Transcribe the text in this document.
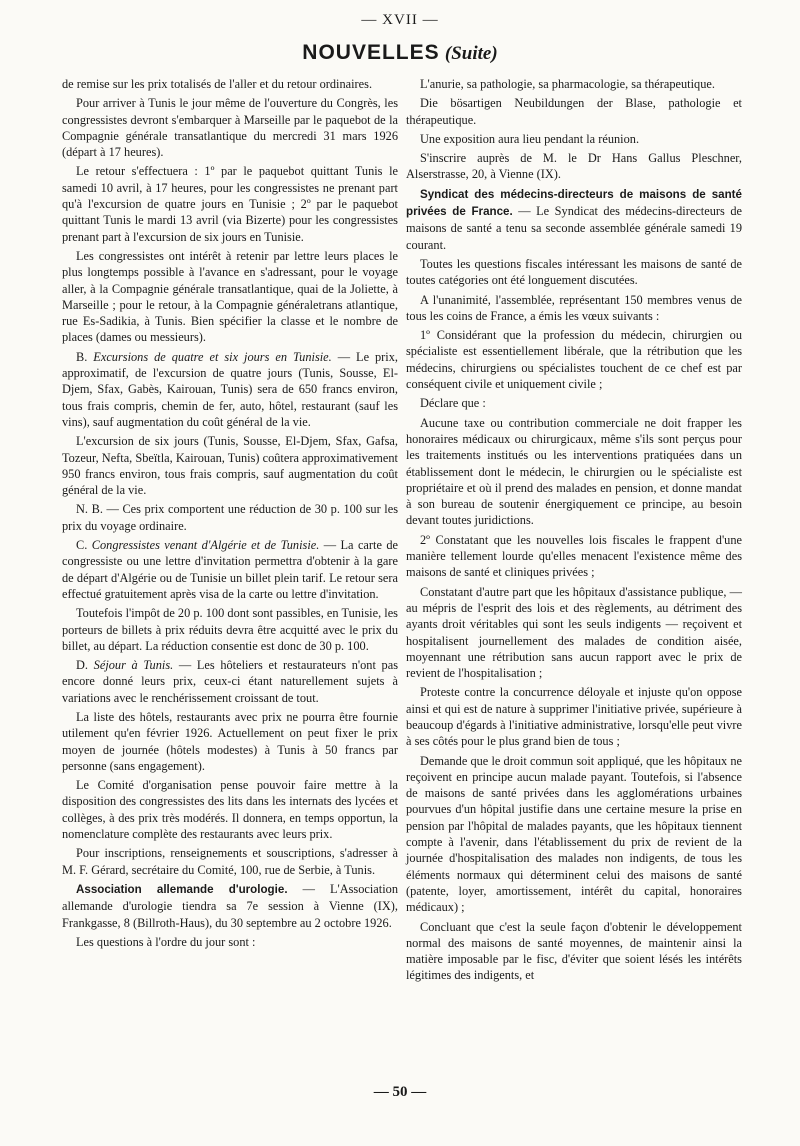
— XVII —
NOUVELLES (Suite)

de remise sur les prix totalisés de l'aller et du retour ordinaires.

Pour arriver à Tunis le jour même de l'ouverture du Congrès, les congressistes devront s'embarquer à Marseille par le paquebot de la Compagnie générale transatlantique du mercredi 31 mars 1926 (départ à 17 heures).

Le retour s'effectuera : 1º par le paquebot quittant Tunis le samedi 10 avril, à 17 heures, pour les congressistes ne prenant part qu'à l'excursion de quatre jours en Tunisie ; 2º par le paquebot quittant Tunis le mardi 13 avril (via Bizerte) pour les congressistes prenant part à l'excursion de six jours en Tunisie.

Les congressistes ont intérêt à retenir par lettre leurs places le plus longtemps possible à l'avance en s'adressant, pour le voyage aller, à la Compagnie générale transatlantique, quai de la Joliette, à Marseille ; pour le retour, à la Compagnie généraletrans atlantique, rue Es-Sadikia, à Tunis. Bien spécifier la classe et le nombre de places (dames ou messieurs).

B. Excursions de quatre et six jours en Tunisie. — Le prix, approximatif, de l'excursion de quatre jours (Tunis, Sousse, El-Djem, Sfax, Gabès, Kairouan, Tunis) sera de 650 francs environ, tous frais compris, chemin de fer, auto, hôtel, restaurant (sauf les vins), sauf augmentation du coût général de la vie.

L'excursion de six jours (Tunis, Sousse, El-Djem, Sfax, Gafsa, Tozeur, Nefta, Sbeïtla, Kairouan, Tunis) coûtera approximativement 950 francs environ, tous frais compris, sauf augmentation du coût général de la vie.

N. B. — Ces prix comportent une réduction de 30 p. 100 sur les prix du voyage ordinaire.

C. Congressistes venant d'Algérie et de Tunisie. — La carte de congressiste ou une lettre d'invitation permettra d'obtenir à la gare de départ d'Algérie ou de Tunisie un billet plein tarif. Le retour sera effectué gratuitement après visa de la carte ou lettre d'invitation.

Toutefois l'impôt de 20 p. 100 dont sont passibles, en Tunisie, les porteurs de billets à prix réduits devra être acquitté avec le prix du billet, au départ. La réduction consentie est donc de 30 p. 100.

D. Séjour à Tunis. — Les hôteliers et restaurateurs n'ont pas encore donné leurs prix, ceux-ci étant naturellement sujets à variations avec le renchérissement croissant de tout.

La liste des hôtels, restaurants avec prix ne pourra être fournie utilement qu'en février 1926. Actuellement on peut fixer le prix moyen de journée (hôtels modestes) à Tunis à 50 francs par personne (sans engagement).

Le Comité d'organisation pense pouvoir faire mettre à la disposition des congressistes des lits dans les internats des lycées et collèges, à des prix très modérés. Il donnera, en temps opportun, la nomenclature complète des restaurants avec leurs prix.

Pour inscriptions, renseignements et souscriptions, s'adresser à M. F. Gérard, secrétaire du Comité, 100, rue de Serbie, à Tunis.

Association allemande d'urologie. — L'Association allemande d'urologie tiendra sa 7e session à Vienne (IX), Frankgasse, 8 (Billroth-Haus), du 30 septembre au 2 octobre 1926.

Les questions à l'ordre du jour sont :

L'anurie, sa pathologie, sa pharmacologie, sa thérapeutique.

Die bösartigen Neubildungen der Blase, pathologie et thérapeutique.

Une exposition aura lieu pendant la réunion.

S'inscrire auprès de M. le Dr Hans Gallus Pleschner, Alserstrasse, 20, à Vienne (IX).

Syndicat des médecins-directeurs de maisons de santé privées de France. — Le Syndicat des médecins-directeurs de maisons de santé a tenu sa seconde assemblée générale samedi 19 courant.

Toutes les questions fiscales intéressant les maisons de santé de toutes catégories ont été longuement discutées.

A l'unanimité, l'assemblée, représentant 150 membres venus de tous les coins de France, a émis les vœux suivants :

1º Considérant que la profession du médecin, chirurgien ou spécialiste est essentiellement libérale, que la rétribution que les médecins, chirurgiens ou spécialistes touchent de ce chef est par conséquent civile et uniquement civile ;

Déclare que :

Aucune taxe ou contribution commerciale ne doit frapper les honoraires médicaux ou chirurgicaux, même s'ils sont perçus pour les traitements institués ou les interventions pratiquées dans un établissement dont le médecin, le chirurgien ou le spécialiste est propriétaire et où il prend des malades en pension, et donne mandat à son bureau de soutenir énergiquement ce principe, au besoin devant toutes juridictions.

2º Constatant que les nouvelles lois fiscales le frappent d'une manière tellement lourde qu'elles menacent l'existence même des maisons de santé et cliniques privées ;

Constatant d'autre part que les hôpitaux d'assistance publique, — au mépris de l'esprit des lois et des règlements, au détriment des ayants droit véritables qui sont les seuls indigents — reçoivent et hospitalisent journellement des malades de condition aisée, moyennant une rétribution sans aucun rapport avec le prix de revient de l'hospitalisation ;

Proteste contre la concurrence déloyale et injuste qu'on oppose ainsi et qui est de nature à supprimer l'initiative privée, supérieure à beaucoup d'égards à l'initiative administrative, lorsqu'elle peut vivre à ses côtés pour le plus grand bien de tous ;

Demande que le droit commun soit appliqué, que les hôpitaux ne reçoivent en principe aucun malade payant. Toutefois, si l'absence de maisons de santé privées dans les agglomérations urbaines pourvues d'un hôpital justifie dans une certaine mesure la prise en pension par l'hôpital de malades payants, que les hôpitaux tiennent compte à l'avenir, dans l'établissement du prix de revient de la journée d'hospitalisation des malades non indigents, de tous les éléments normaux qui déterminent celui des maisons de santé (patente, loyer, amortissement, intérêt du capital, honoraires médicaux) ;

Concluant que c'est la seule façon d'obtenir le développement normal des maisons de santé moyennes, de maintenir ainsi la matière imposable par le fisc, d'éviter que soient lésés les intérêts légitimes des indigents, et

— 50 —
